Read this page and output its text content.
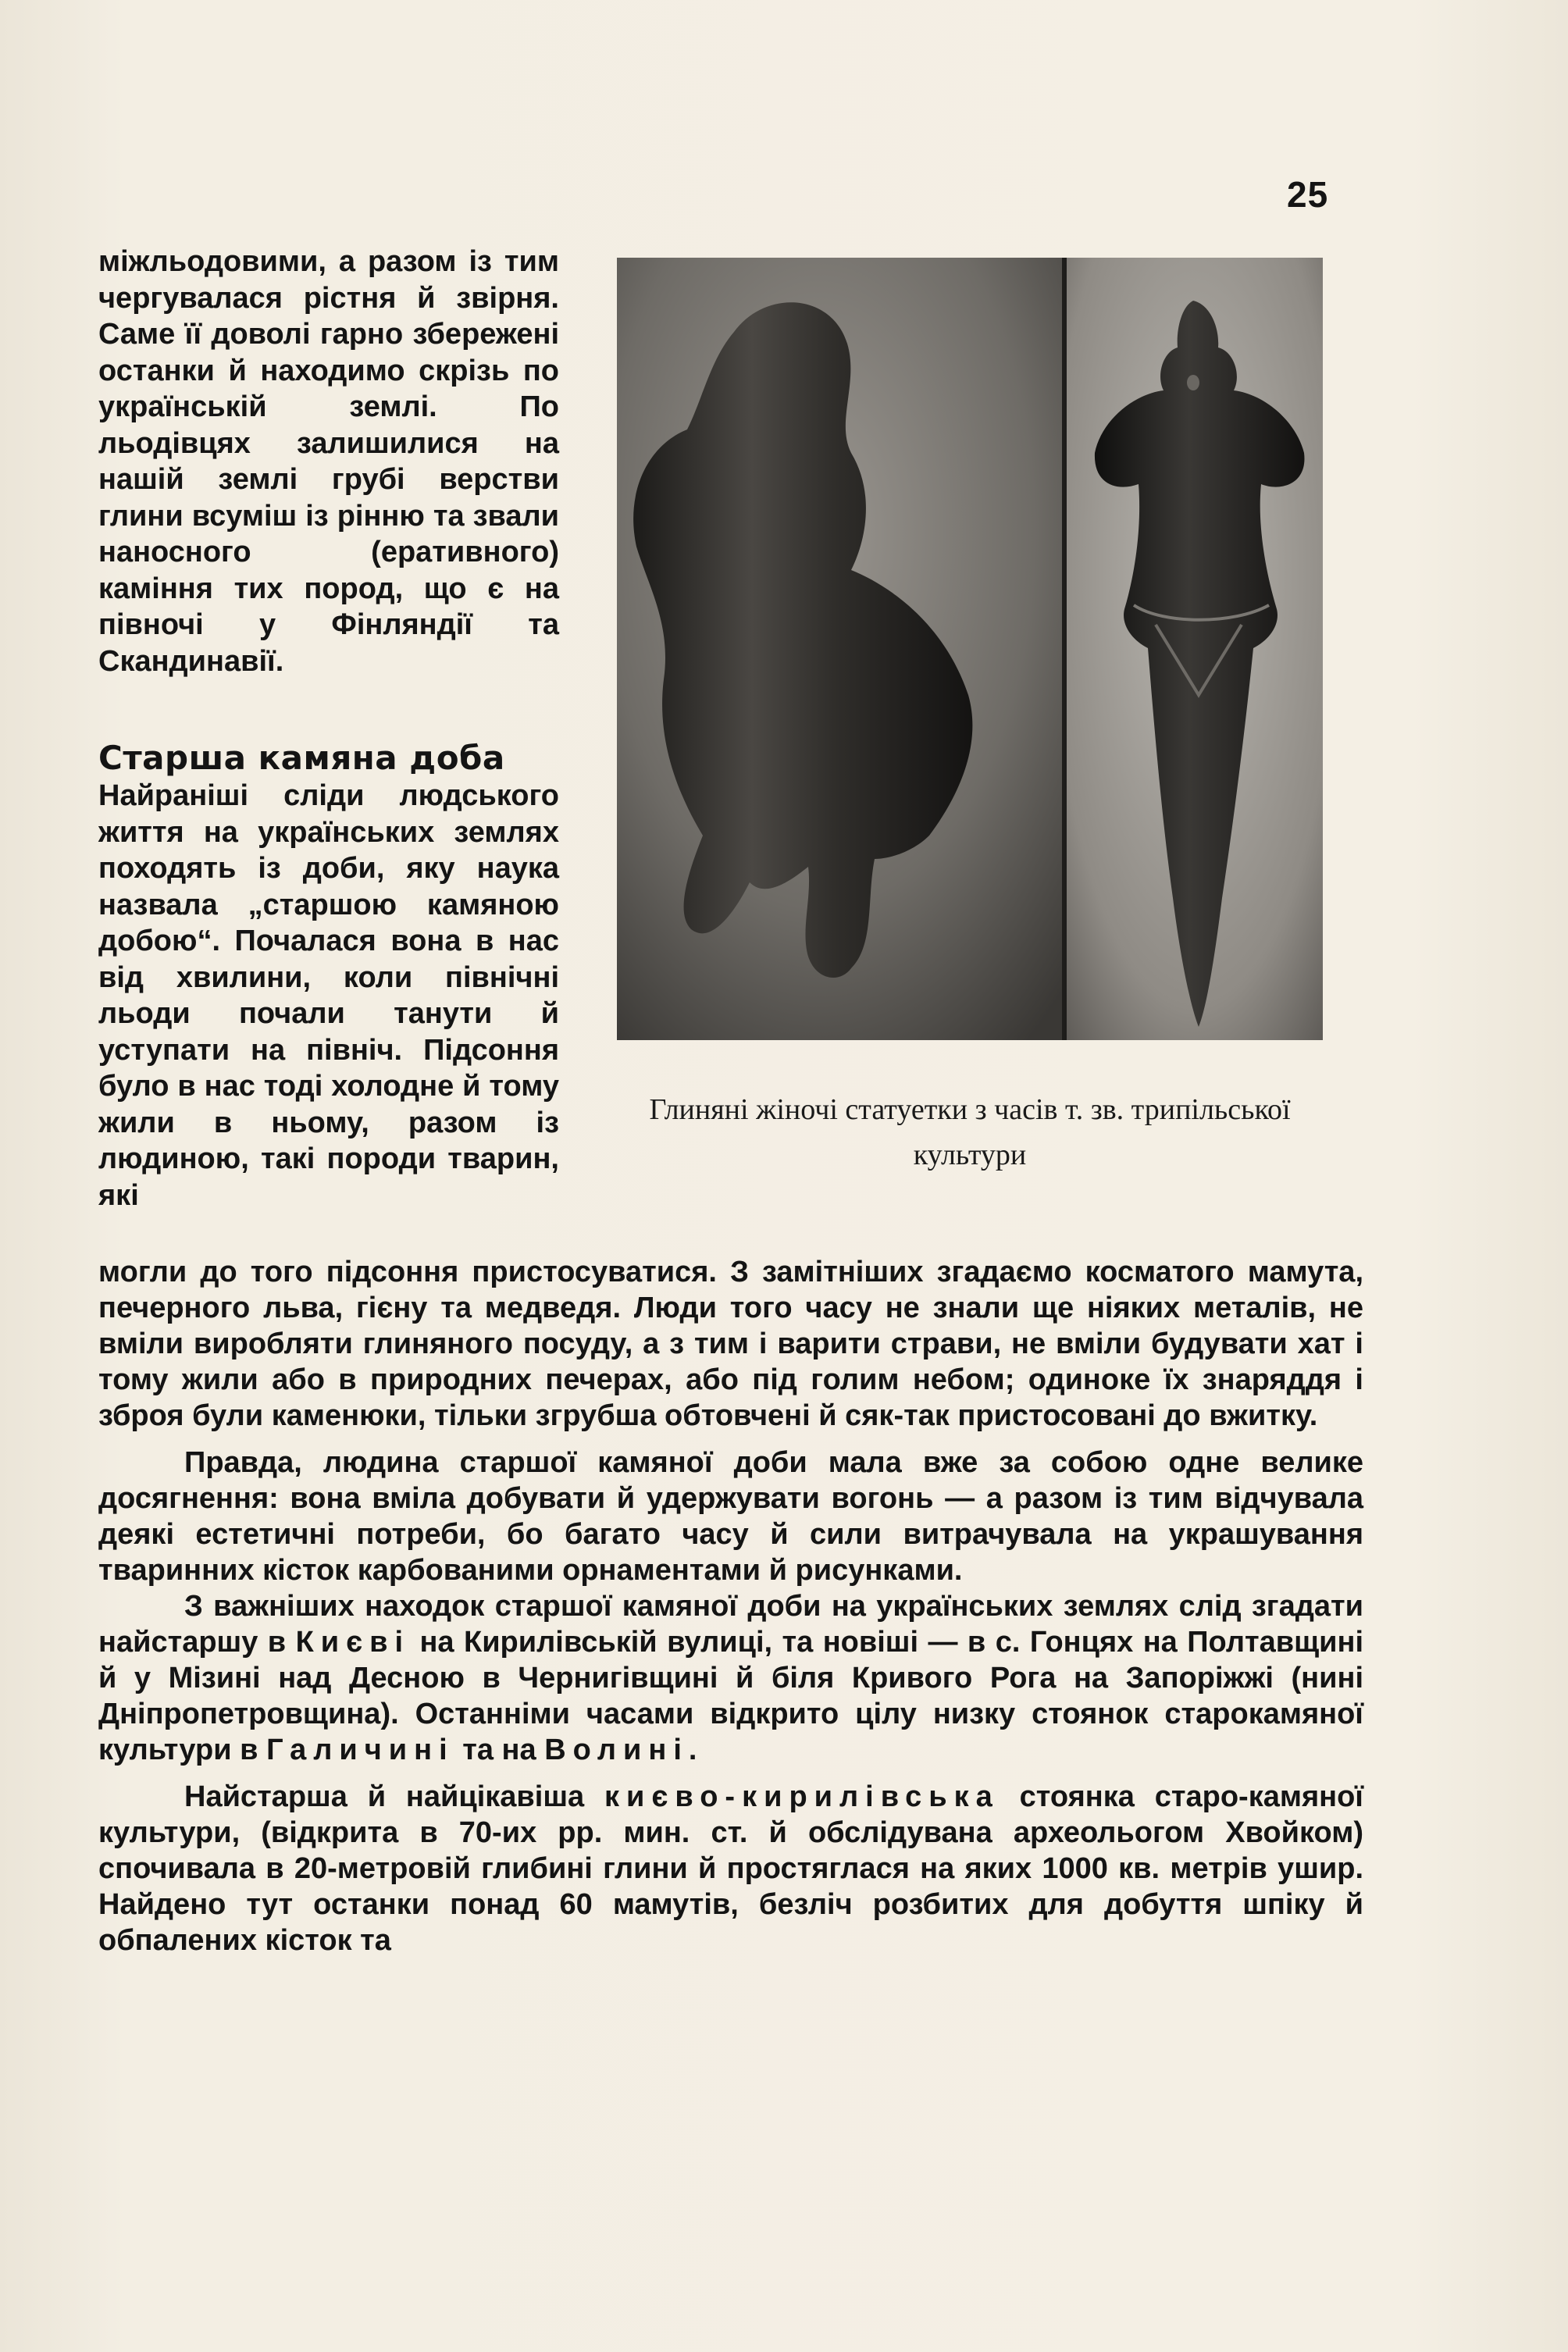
25

міжльодовими, а разом із тим чергувалася рістня й звірня. Саме її доволі гарно збережені останки й находимо скрізь по українській землі. По льодівцях залишилися на нашій землі грубі верстви глини всуміш із рінню та звали наносного (еративного) каміння тих пород, що є на півночі у Фінляндії та Скандинавії.

Старша камяна доба

Найраніші сліди людського життя на українських землях походять із доби, яку наука назвала „старшою камяною добою“. Почалася вона в нас від хвилини, коли північні льоди почали танути й уступати на північ. Підсоння було в нас тоді холодне й тому жили в ньому, разом із людиною, такі породи тварин, які

Глиняні жіночі статуетки з часів т. зв. трипільської культури

могли до того підсоння пристосуватися. З замітніших згадаємо косматого мамута, печерного льва, гієну та медведя. Люди того часу не знали ще ніяких металів, не вміли виробляти глиняного посуду, а з тим і варити страви, не вміли будувати хат і тому жили або в природних печерах, або під голим небом; одиноке їх знаряддя і зброя були каменюки, тільки згрубша обтовчені й сяк-так пристосовані до вжитку.

Правда, людина старшої камяної доби мала вже за собою одне велике досягнення: вона вміла добувати й удержувати вогонь — а разом із тим відчувала деякі естетичні потреби, бо багато часу й сили витрачувала на украшування тваринних кісток карбованими орнаментами й рисунками.

З важніших находок старшої камяної доби на українських землях слід згадати найстаршу в Києві на Кирилівській вулиці, та новіші — в с. Гонцях на Полтавщині й у Мізині над Десною в Чернигівщині й біля Кривого Рога на Запоріжжі (нині Дніпропетровщина). Останніми часами відкрито цілу низку стоянок старокамяної культури в Галичині та на Волині.

Найстарша й найцікавіша києво-кирилівська стоянка старо-камяної культури, (відкрита в 70-их рр. мин. ст. й обслідувана археольогом Хвойком) спочивала в 20-метровій глибині глини й простяглася на яких 1000 кв. метрів ушир. Найдено тут останки понад 60 мамутів, безліч розбитих для добуття шпіку й обпалених кісток та
